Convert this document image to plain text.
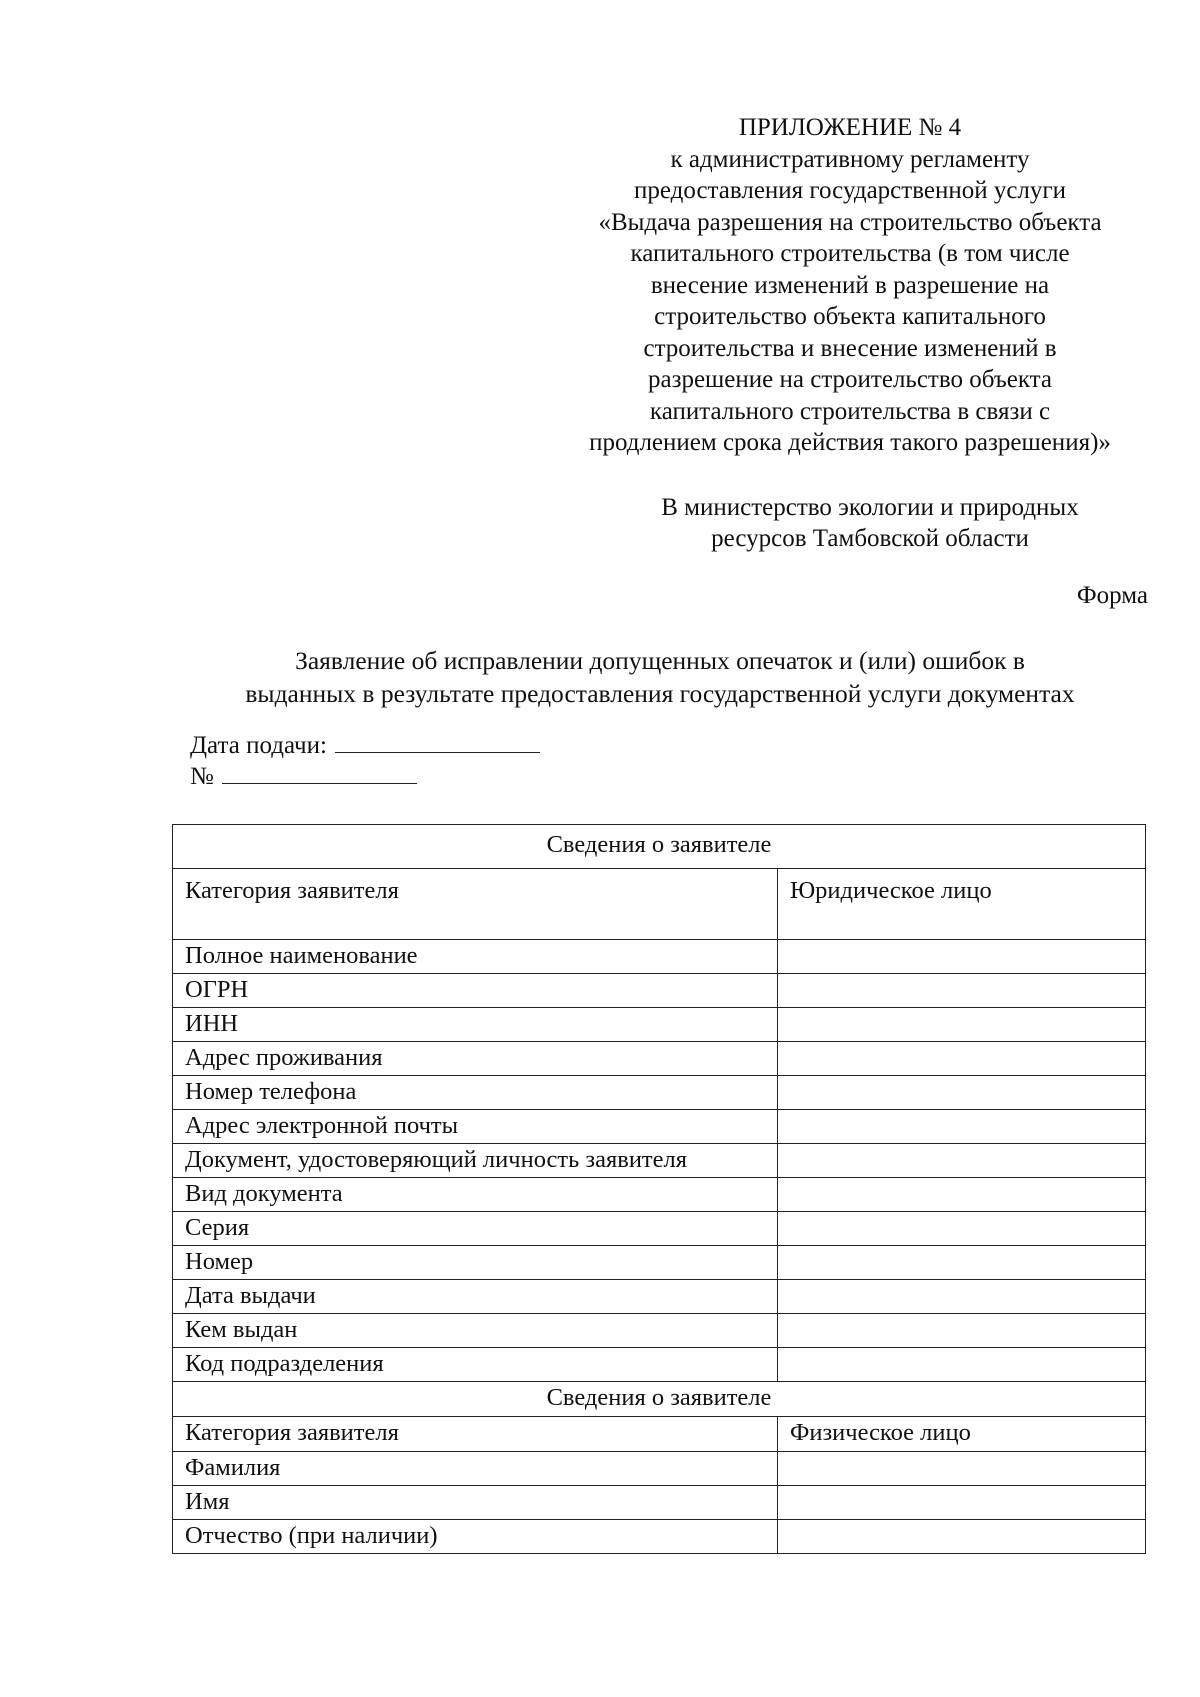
ПРИЛОЖЕНИЕ № 4
к административному регламенту
предоставления государственной услуги
«Выдача разрешения на строительство объекта
капитального строительства (в том числе
внесение изменений в разрешение на
строительство объекта капитального
строительства и внесение изменений в
разрешение на строительство объекта
капитального строительства в связи с
продлением срока действия такого разрешения)»
В министерство экологии и природных
ресурсов Тамбовской области
Форма
Заявление об исправлении допущенных опечаток и (или) ошибок в
выданных в результате предоставления государственной услуги документах
Дата подачи:
№
Сведения о заявителе	
Категория заявителя	Юридическое лицо
Полное наименование	
ОГРН	
ИНН	
Адрес проживания	
Номер телефона	
Адрес электронной почты	
Документ, удостоверяющий личность заявителя	
Вид документа	
Серия	
Номер	
Дата выдачи	
Кем выдан	
Код подразделения	
Сведения о заявителе	
Категория заявителя	Физическое лицо
Фамилия	
Имя	
Отчество (при наличии)	
